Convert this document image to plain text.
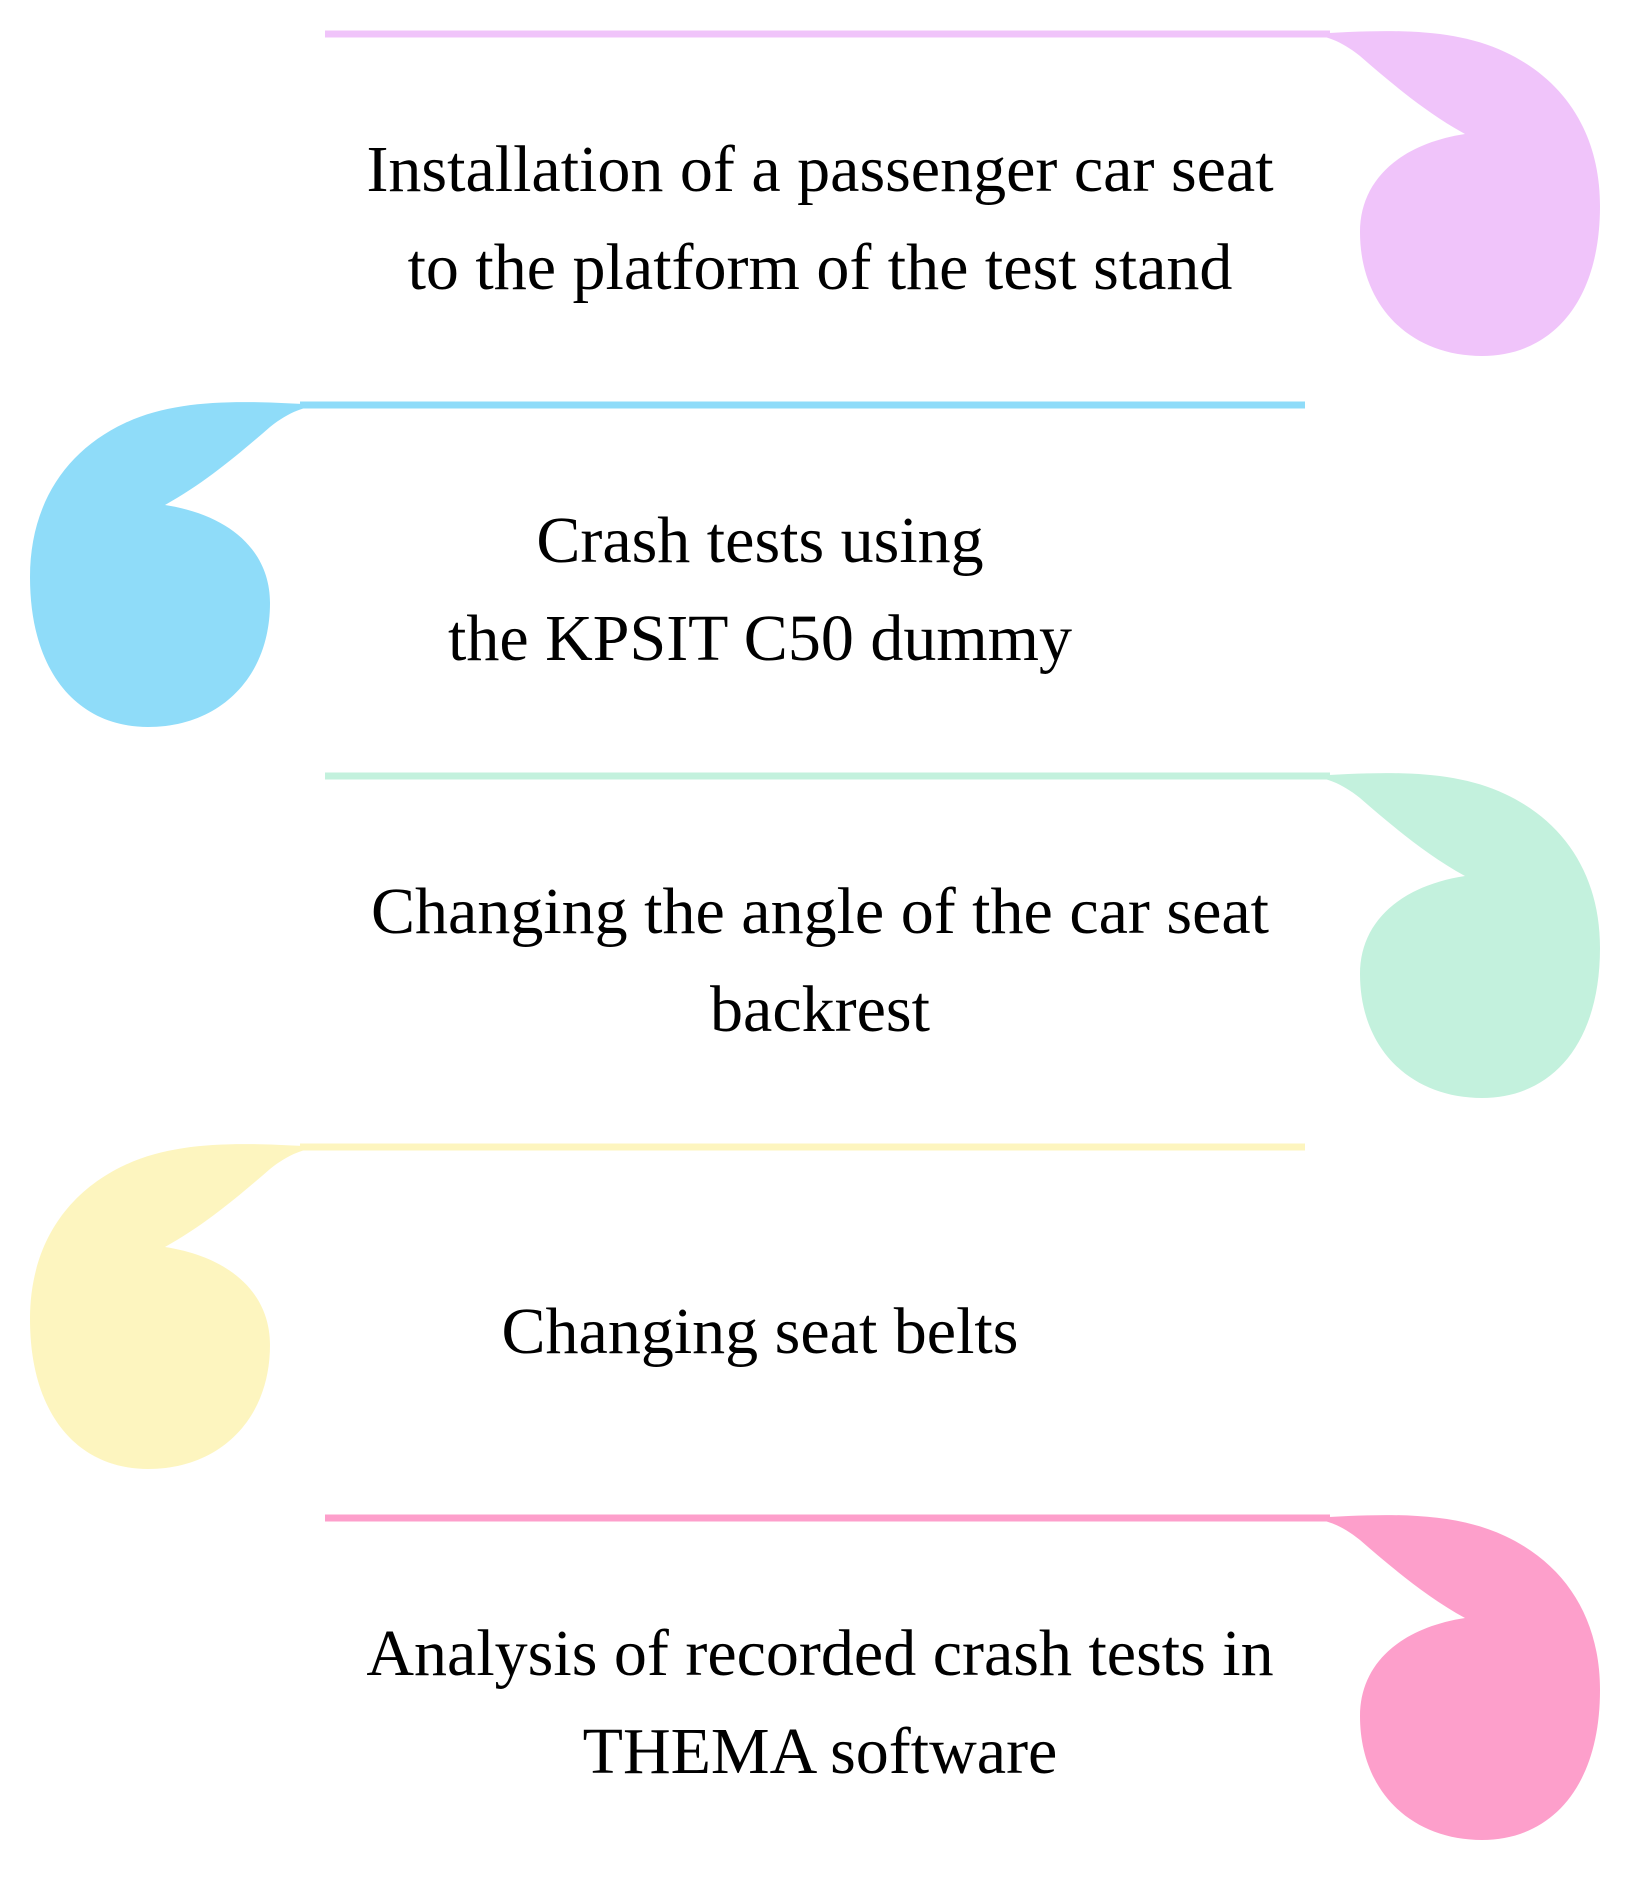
Installation of a passenger car seat
to the platform of the test stand
Crash tests using
the KPSIT C50 dummy
Changing the angle of the car seat
backrest
Changing seat belts
Analysis of recorded crash tests in
THEMA software
